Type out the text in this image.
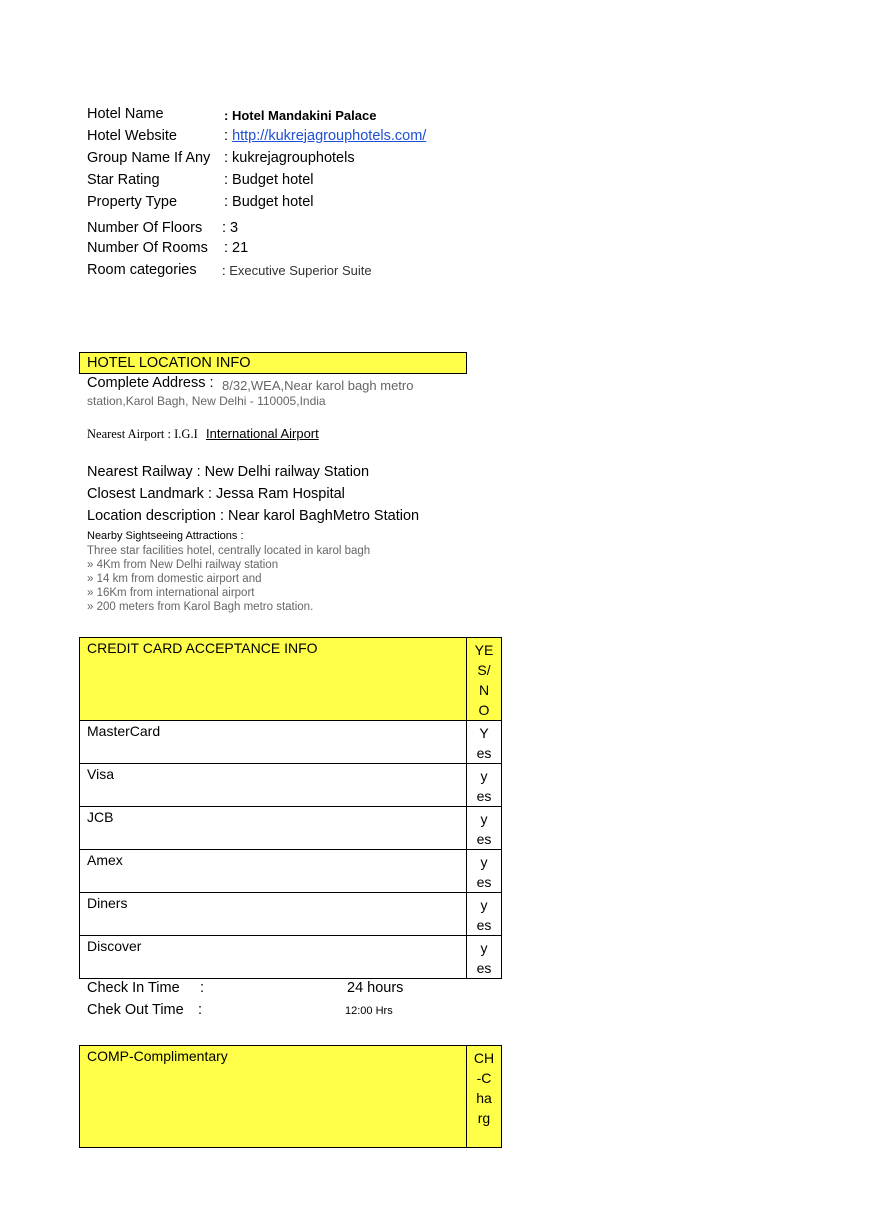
Hotel Name	: Hotel Mandakini Palace
Hotel Website	: http://kukrejagrouphotels.com/
Group Name If Any : kukrejagrouphotels
Star Rating	: Budget hotel
Property Type	: Budget hotel
Number Of Floors : 3
Number Of Rooms : 21
Room categories : Executive Superior Suite
HOTEL LOCATION INFO
Complete Address : 8/32,WEA,Near karol bagh metro
station,Karol Bagh, New Delhi - 110005,India
Nearest Airport : I.G.I International Airport
Nearest Railway : New Delhi railway Station
Closest Landmark : Jessa Ram Hospital
Location description : Near karol BaghMetro Station
Nearby Sightseeing Attractions :
Three star facilities hotel, centrally located in karol bagh
» 4Km from New Delhi railway station
» 14 km from domestic airport and
» 16Km from international airport
» 200 meters from Karol Bagh metro station.
CREDIT CARD ACCEPTANCE INFO	YE
S/
N
O

MasterCard	Y
es

Visa	y
es

JCB	y
es

Amex	y
es

Diners	y
es

Discover	y
es
Check In Time :	24 hours
Chek Out Time :	12:00 Hrs
COMP-Complimentary	CH
-C
ha
rg
